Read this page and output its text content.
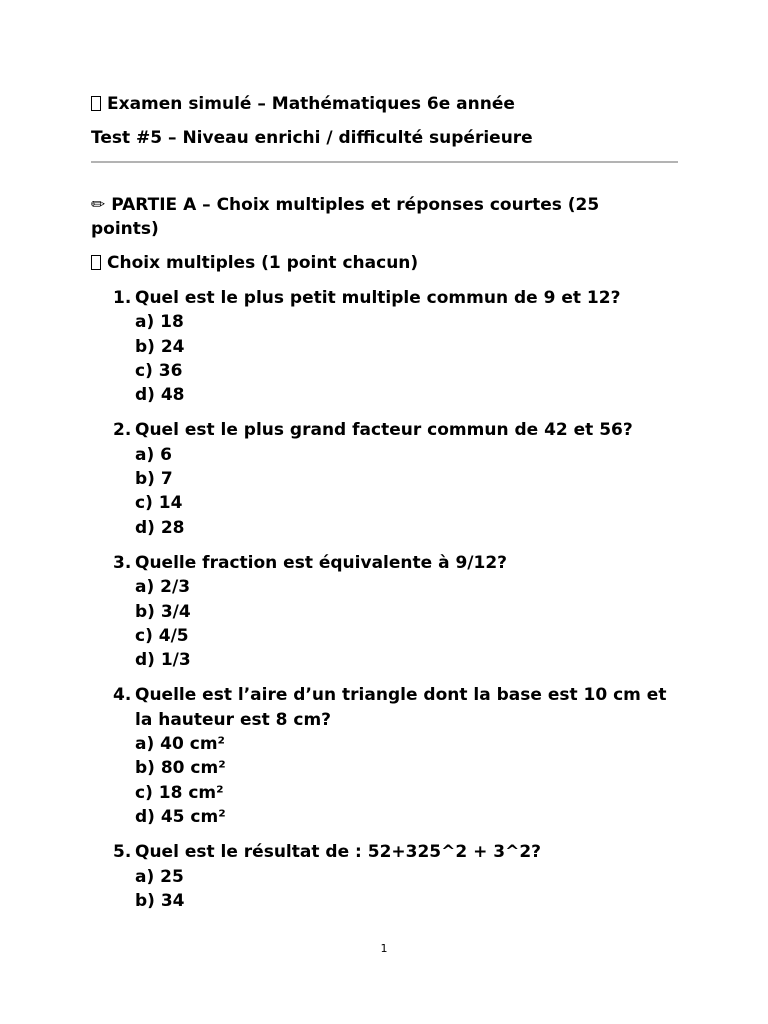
Examen simulé – Mathématiques 6e année
Test #5 – Niveau enrichi / difficulté supérieure
✏ PARTIE A – Choix multiples et réponses courtes (25 points)
Choix multiples (1 point chacun)
1. Quel est le plus petit multiple commun de 9 et 12?
a) 18
b) 24
c) 36
d) 48
2. Quel est le plus grand facteur commun de 42 et 56?
a) 6
b) 7
c) 14
d) 28
3. Quelle fraction est équivalente à 9/12?
a) 2/3
b) 3/4
c) 4/5
d) 1/3
4. Quelle est l’aire d’un triangle dont la base est 10 cm et la hauteur est 8 cm?
a) 40 cm²
b) 80 cm²
c) 18 cm²
d) 45 cm²
5. Quel est le résultat de : 52+325^2 + 3^2?
a) 25
b) 34
1
